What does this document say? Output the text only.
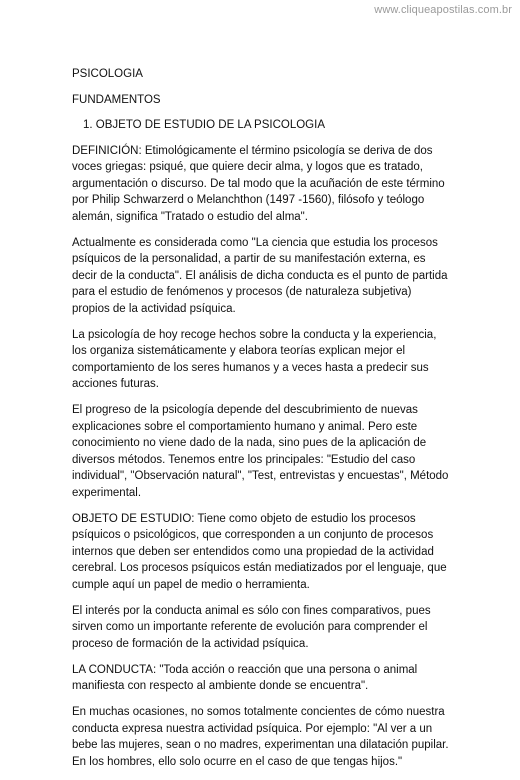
www.cliqueapostilas.com.br
PSICOLOGIA
FUNDAMENTOS
1. OBJETO DE ESTUDIO DE LA PSICOLOGIA

DEFINICIÓN: Etimológicamente el término psicología se deriva de dos voces griegas: psiqué, que quiere decir alma, y logos que es tratado, argumentación o discurso. De tal modo que la acuñación de este término por Philip Schwarzerd o Melanchthon (1497 -1560), filósofo y teólogo alemán, significa "Tratado o estudio del alma".

Actualmente es considerada como "La ciencia que estudia los procesos psíquicos de la personalidad, a partir de su manifestación externa, es decir de la conducta". El análisis de dicha conducta es el punto de partida para el estudio de fenómenos y procesos (de naturaleza subjetiva) propios de la actividad psíquica.

La psicología de hoy recoge hechos sobre la conducta y la experiencia, los organiza sistemáticamente y elabora teorías explican mejor el comportamiento de los seres humanos y a veces hasta a predecir sus acciones futuras.

El progreso de la psicología depende del descubrimiento de nuevas explicaciones sobre el comportamiento humano y animal. Pero este conocimiento no viene dado de la nada, sino pues de la aplicación de diversos métodos. Tenemos entre los principales: "Estudio del caso individual", "Observación natural", "Test, entrevistas y encuestas", Método experimental.

OBJETO DE ESTUDIO: Tiene como objeto de estudio los procesos psíquicos o psicológicos, que corresponden a un conjunto de procesos internos que deben ser entendidos como una propiedad de la actividad cerebral. Los procesos psíquicos están mediatizados por el lenguaje, que cumple aquí un papel de medio o herramienta.

El interés por la conducta animal es sólo con fines comparativos, pues sirven como un importante referente de evolución para comprender el proceso de formación de la actividad psíquica.

LA CONDUCTA: "Toda acción o reacción que una persona o animal manifiesta con respecto al ambiente donde se encuentra".

En muchas ocasiones, no somos totalmente concientes de cómo nuestra conducta expresa nuestra actividad psíquica. Por ejemplo: "Al ver a un bebe las mujeres, sean o no madres, experimentan una dilatación pupilar. En los hombres, ello solo ocurre en el caso de que tengas hijos."
